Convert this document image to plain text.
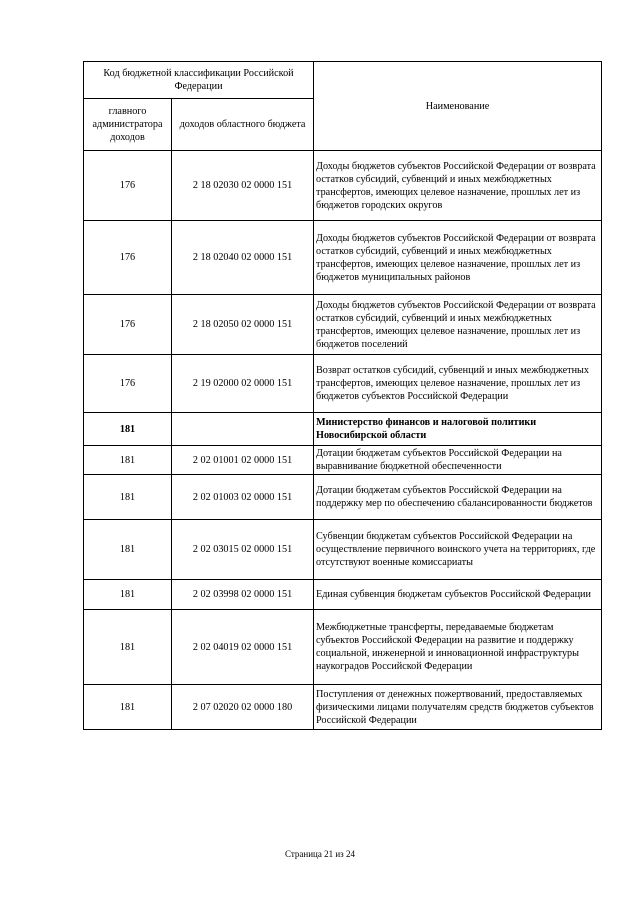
Код бюджетной классификации Российской Федерации		Наименование
главного администратора доходов	доходов областного бюджета	
176	2 18 02030 02 0000 151	Доходы бюджетов субъектов Российской Федерации от возврата остатков субсидий, субвенций и иных межбюджетных трансфертов, имеющих целевое назначение, прошлых лет из бюджетов городских округов
176	2 18 02040 02 0000 151	Доходы бюджетов субъектов Российской Федерации от возврата остатков субсидий, субвенций и иных межбюджетных трансфертов, имеющих целевое назначение, прошлых лет из бюджетов муниципальных районов
176	2 18 02050 02 0000 151	Доходы бюджетов субъектов Российской Федерации от возврата остатков субсидий, субвенций и иных межбюджетных трансфертов, имеющих целевое назначение, прошлых лет из бюджетов поселений
176	2 19 02000 02 0000 151	Возврат остатков субсидий, субвенций и иных межбюджетных трансфертов, имеющих целевое назначение, прошлых лет из бюджетов субъектов Российской Федерации
181		Министерство финансов и налоговой политики Новосибирской области
181	2 02 01001 02 0000 151	Дотации бюджетам субъектов Российской Федерации на выравнивание бюджетной обеспеченности
181	2 02 01003 02 0000 151	Дотации бюджетам субъектов Российской Федерации на поддержку мер по обеспечению сбалансированности бюджетов
181	2 02 03015 02 0000 151	Субвенции бюджетам субъектов Российской Федерации на осуществление первичного воинского учета на территориях, где отсутствуют военные комиссариаты
181	2 02 03998 02 0000 151	Единая субвенция бюджетам субъектов Российской Федерации
181	2 02 04019 02 0000 151	Межбюджетные трансферты, передаваемые бюджетам субъектов Российской Федерации на развитие и поддержку социальной, инженерной и инновационной инфраструктуры наукоградов Российской Федерации
181	2 07 02020 02 0000 180	Поступления от денежных пожертвований, предоставляемых физическими лицами получателям средств бюджетов субъектов Российской Федерации
Страница 21 из 24
